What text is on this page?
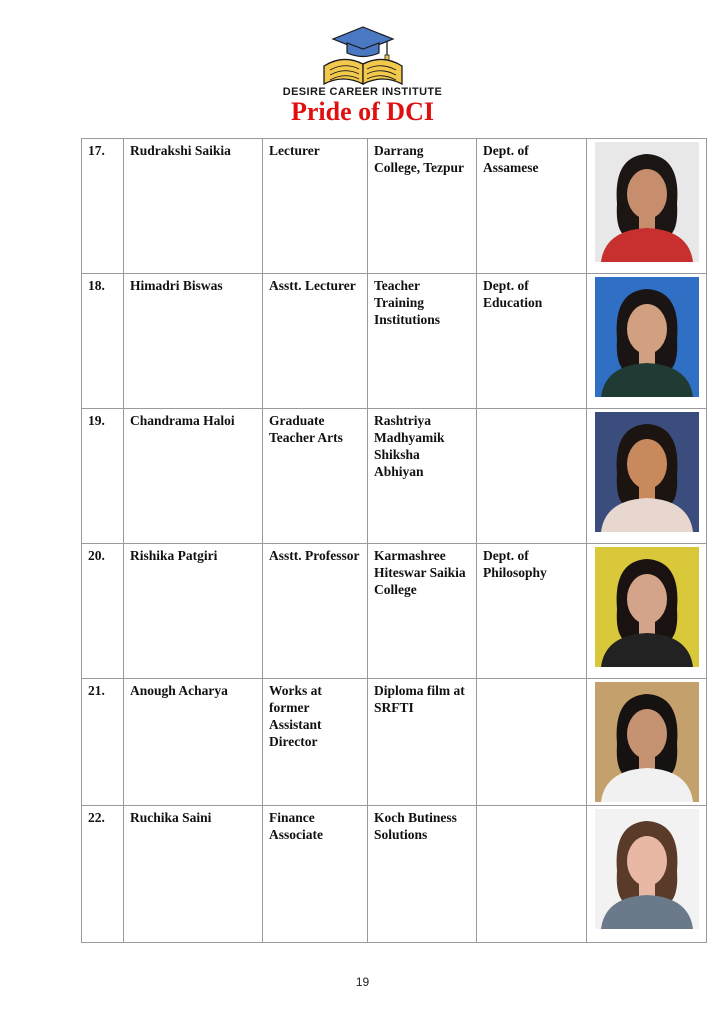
DESIRE CAREER INSTITUTE
Pride of DCI
17.	Rudrakshi Saikia	Lecturer	Darrang College, Tezpur	Dept. of Assamese	

18.	Himadri Biswas	Asstt. Lecturer	Teacher Training Institutions	Dept. of Education	

19.	Chandrama Haloi	Graduate Teacher Arts	Rashtriya Madhyamik Shiksha Abhiyan		

20.	Rishika Patgiri	Asstt. Professor	Karmashree Hiteswar Saikia College	Dept. of Philosophy	

21.	Anough Acharya	Works at former Assistant Director	Diploma film at SRFTI		

22.	Ruchika Saini	Finance Associate	Koch Butiness Solutions		
19
